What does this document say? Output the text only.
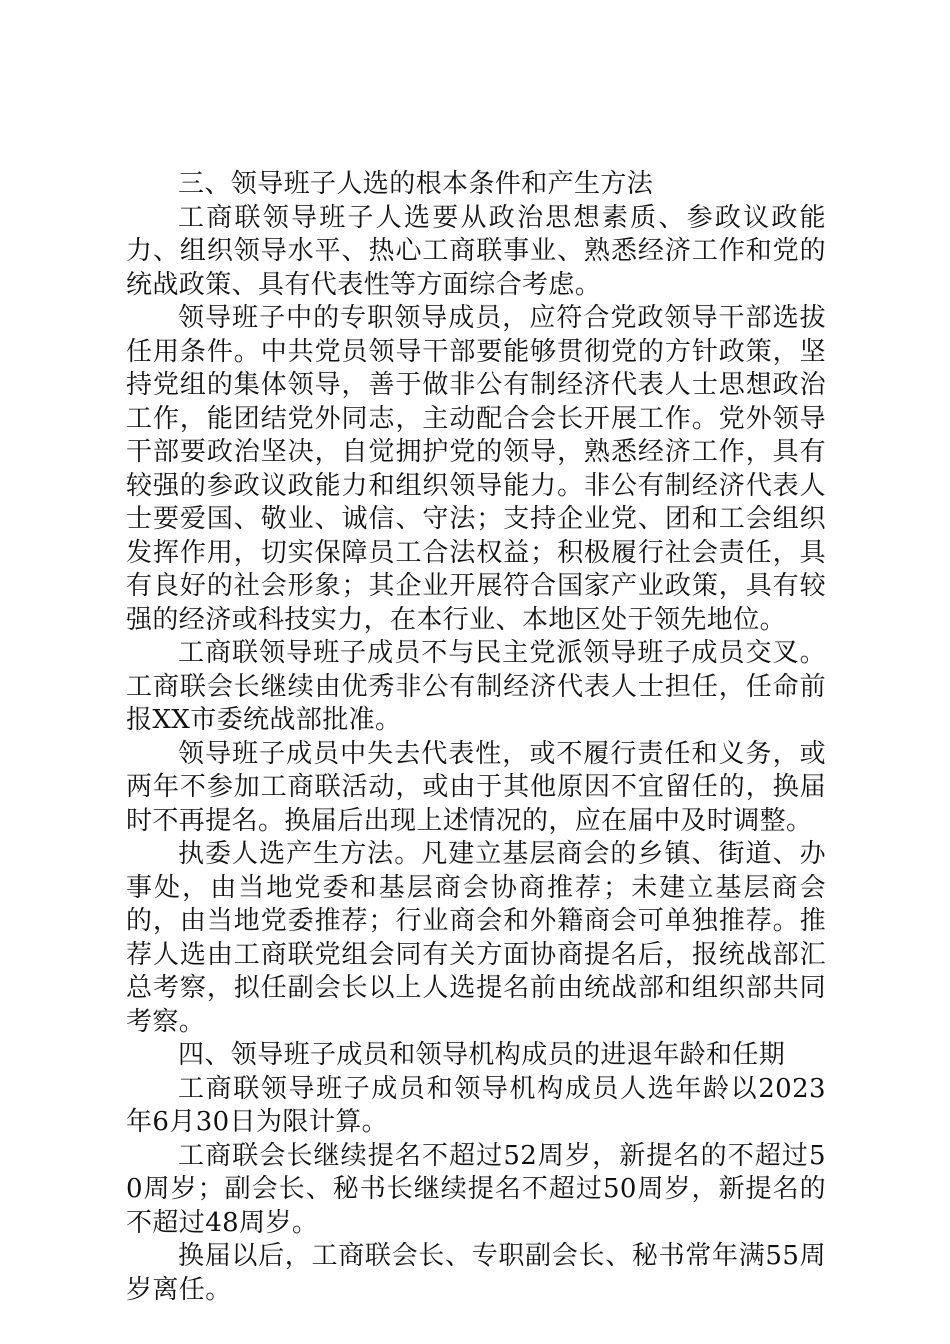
三、领导班子人选的根本条件和产生方法

工商联领导班子人选要从政治思想素质、参政议政能力、组织领导水平、热心工商联事业、熟悉经济工作和党的统战政策、具有代表性等方面综合考虑。

领导班子中的专职领导成员，应符合党政领导干部选拔任用条件。中共党员领导干部要能够贯彻党的方针政策，坚持党组的集体领导，善于做非公有制经济代表人士思想政治工作，能团结党外同志，主动配合会长开展工作。党外领导干部要政治坚决，自觉拥护党的领导，熟悉经济工作，具有较强的参政议政能力和组织领导能力。非公有制经济代表人士要爱国、敬业、诚信、守法；支持企业党、团和工会组织发挥作用，切实保障员工合法权益；积极履行社会责任，具有良好的社会形象；其企业开展符合国家产业政策，具有较强的经济或科技实力，在本行业、本地区处于领先地位。

工商联领导班子成员不与民主党派领导班子成员交叉。工商联会长继续由优秀非公有制经济代表人士担任，任命前报XX市委统战部批准。

领导班子成员中失去代表性，或不履行责任和义务，或两年不参加工商联活动，或由于其他原因不宜留任的，换届时不再提名。换届后出现上述情况的，应在届中及时调整。

执委人选产生方法。凡建立基层商会的乡镇、街道、办事处，由当地党委和基层商会协商推荐；未建立基层商会的，由当地党委推荐；行业商会和外籍商会可单独推荐。推荐人选由工商联党组会同有关方面协商提名后，报统战部汇总考察，拟任副会长以上人选提名前由统战部和组织部共同考察。

四、领导班子成员和领导机构成员的进退年龄和任期

工商联领导班子成员和领导机构成员人选年龄以2023年6月30日为限计算。

工商联会长继续提名不超过52周岁，新提名的不超过50周岁；副会长、秘书长继续提名不超过50周岁，新提名的不超过48周岁。

换届以后，工商联会长、专职副会长、秘书常年满55周岁离任。
